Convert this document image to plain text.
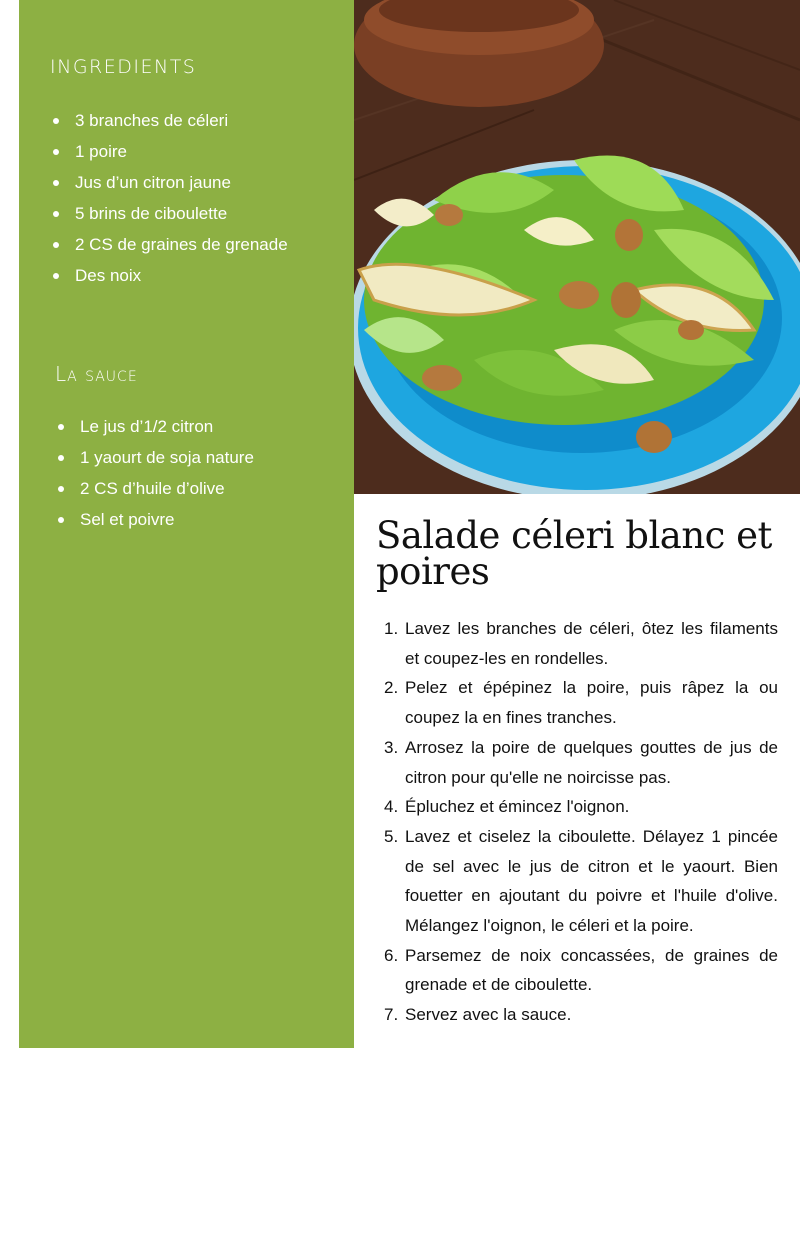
INGREDIENTS
3 branches de céleri
1 poire
Jus d’un citron jaune
5 brins de ciboulette
2 CS de graines de grenade
Des noix
La sauce
Le jus d’1/2 citron
1 yaourt de soja nature
2 CS d’huile d’olive
Sel et poivre	Salade céleri blanc et poires
1. Lavez les branches de céleri, ôtez les filaments et coupez-les en rondelles.
2. Pelez et épépinez la poire, puis râpez la ou coupez la en fines tranches.
3. Arrosez la poire de quelques gouttes de jus de citron pour qu'elle ne noircisse pas.
4. Épluchez et émincez l'oignon.
5. Lavez et ciselez la ciboulette. Délayez 1 pincée de sel avec le jus de citron et le yaourt. Bien fouetter en ajoutant du poivre et l'huile d'olive. Mélangez l'oignon, le céleri et la poire.
6. Parsemez de noix concassées, de graines de grenade et de ciboulette.
7. Servez avec la sauce.
